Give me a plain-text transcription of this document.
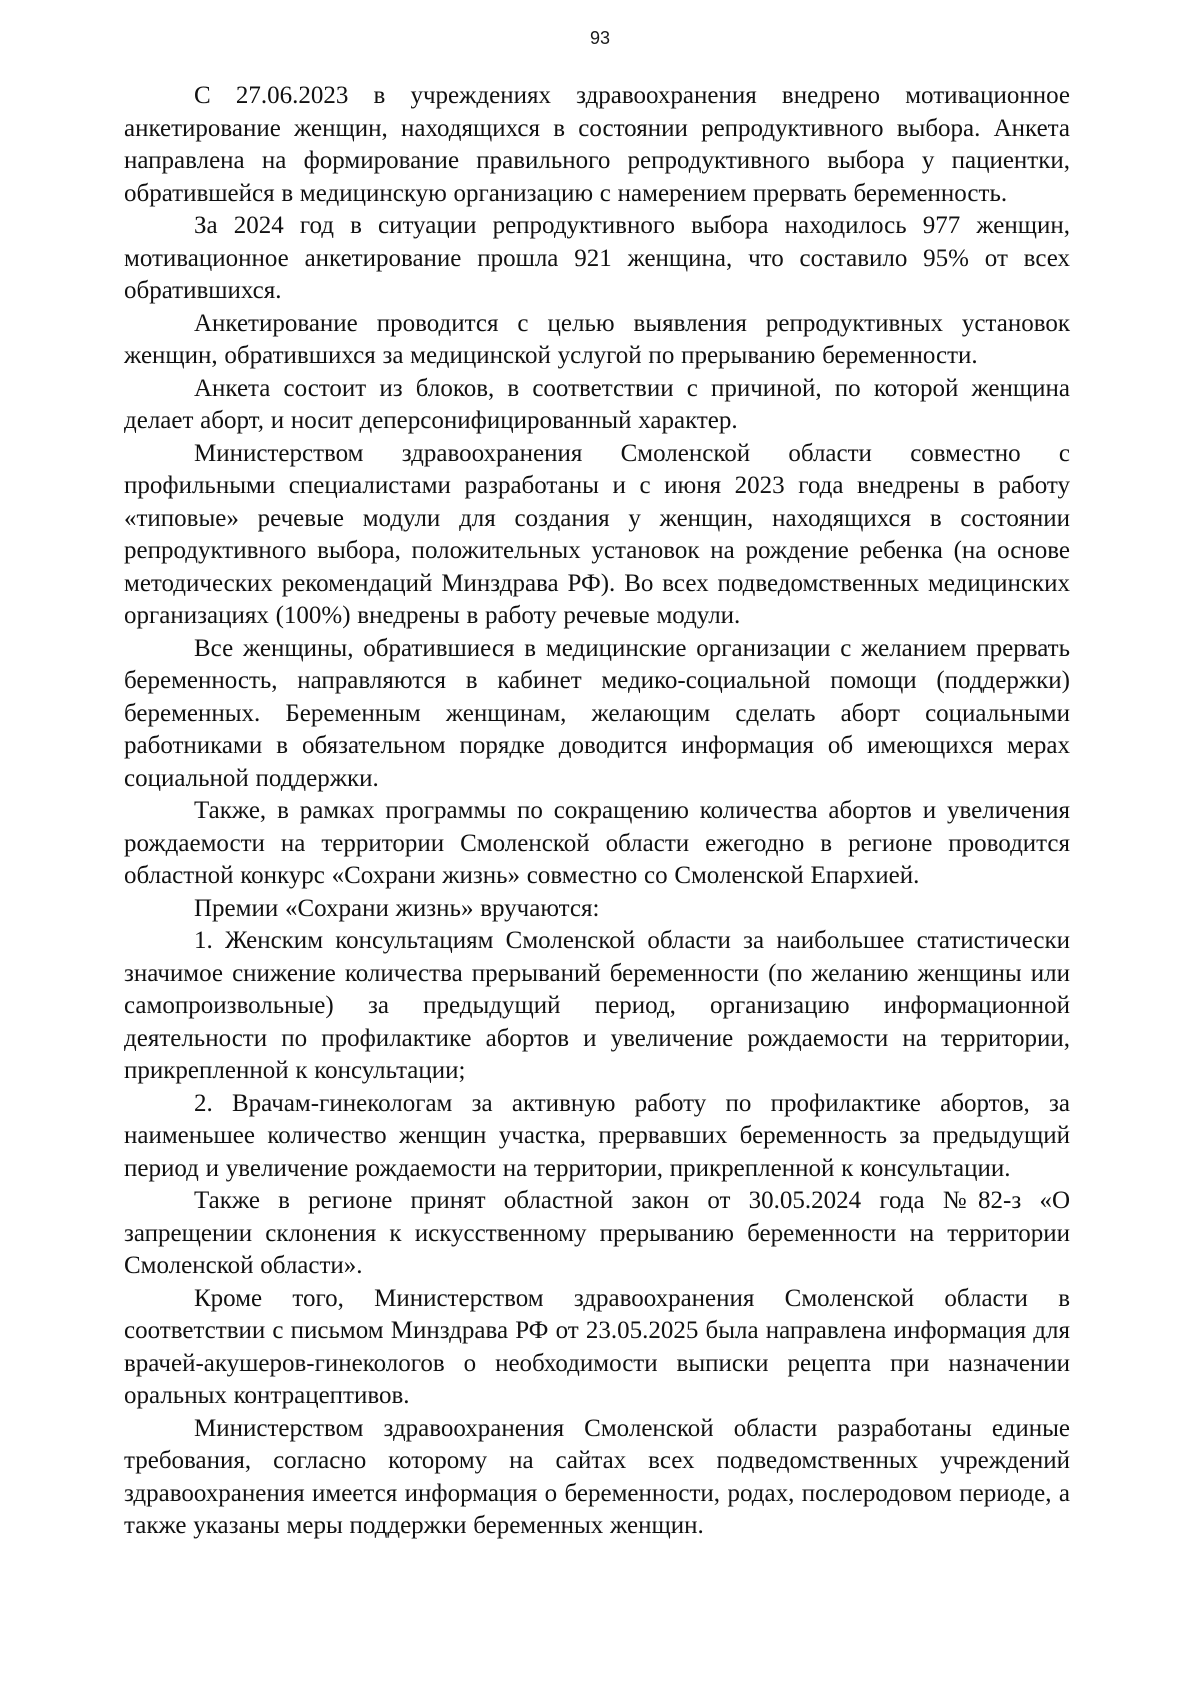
93

С 27.06.2023 в учреждениях здравоохранения внедрено мотивационное анкетирование женщин, находящихся в состоянии репродуктивного выбора. Анкета направлена на формирование правильного репродуктивного выбора у пациентки, обратившейся в медицинскую организацию с намерением прервать беременность.

За 2024 год в ситуации репродуктивного выбора находилось 977 женщин, мотивационное анкетирование прошла 921 женщина, что составило 95% от всех обратившихся.

Анкетирование проводится с целью выявления репродуктивных установок женщин, обратившихся за медицинской услугой по прерыванию беременности.

Анкета состоит из блоков, в соответствии с причиной, по которой женщина делает аборт, и носит деперсонифицированный характер.

Министерством здравоохранения Смоленской области совместно с профильными специалистами разработаны и с июня 2023 года внедрены в работу «типовые» речевые модули для создания у женщин, находящихся в состоянии репродуктивного выбора, положительных установок на рождение ребенка (на основе методических рекомендаций Минздрава РФ). Во всех подведомственных медицинских организациях (100%) внедрены в работу речевые модули.

Все женщины, обратившиеся в медицинские организации с желанием прервать беременность, направляются в кабинет медико-социальной помощи (поддержки) беременных. Беременным женщинам, желающим сделать аборт социальными работниками в обязательном порядке доводится информация об имеющихся мерах социальной поддержки.

Также, в рамках программы по сокращению количества абортов и увеличения рождаемости на территории Смоленской области ежегодно в регионе проводится областной конкурс «Сохрани жизнь» совместно со Смоленской Епархией.

Премии «Сохрани жизнь» вручаются:

1. Женским консультациям Смоленской области за наибольшее статистически значимое снижение количества прерываний беременности (по желанию женщины или самопроизвольные) за предыдущий период, организацию информационной деятельности по профилактике абортов и увеличение рождаемости на территории, прикрепленной к консультации;

2. Врачам-гинекологам за активную работу по профилактике абортов, за наименьшее количество женщин участка, прервавших беременность за предыдущий период и увеличение рождаемости на территории, прикрепленной к консультации.

Также в регионе принят областной закон от 30.05.2024 года №82-з «О запрещении склонения к искусственному прерыванию беременности на территории Смоленской области».

Кроме того, Министерством здравоохранения Смоленской области в соответствии с письмом Минздрава РФ от 23.05.2025 была направлена информация для врачей-акушеров-гинекологов о необходимости выписки рецепта при назначении оральных контрацептивов.

Министерством здравоохранения Смоленской области разработаны единые требования, согласно которому на сайтах всех подведомственных учреждений здравоохранения имеется информация о беременности, родах, послеродовом периоде, а также указаны меры поддержки беременных женщин.
